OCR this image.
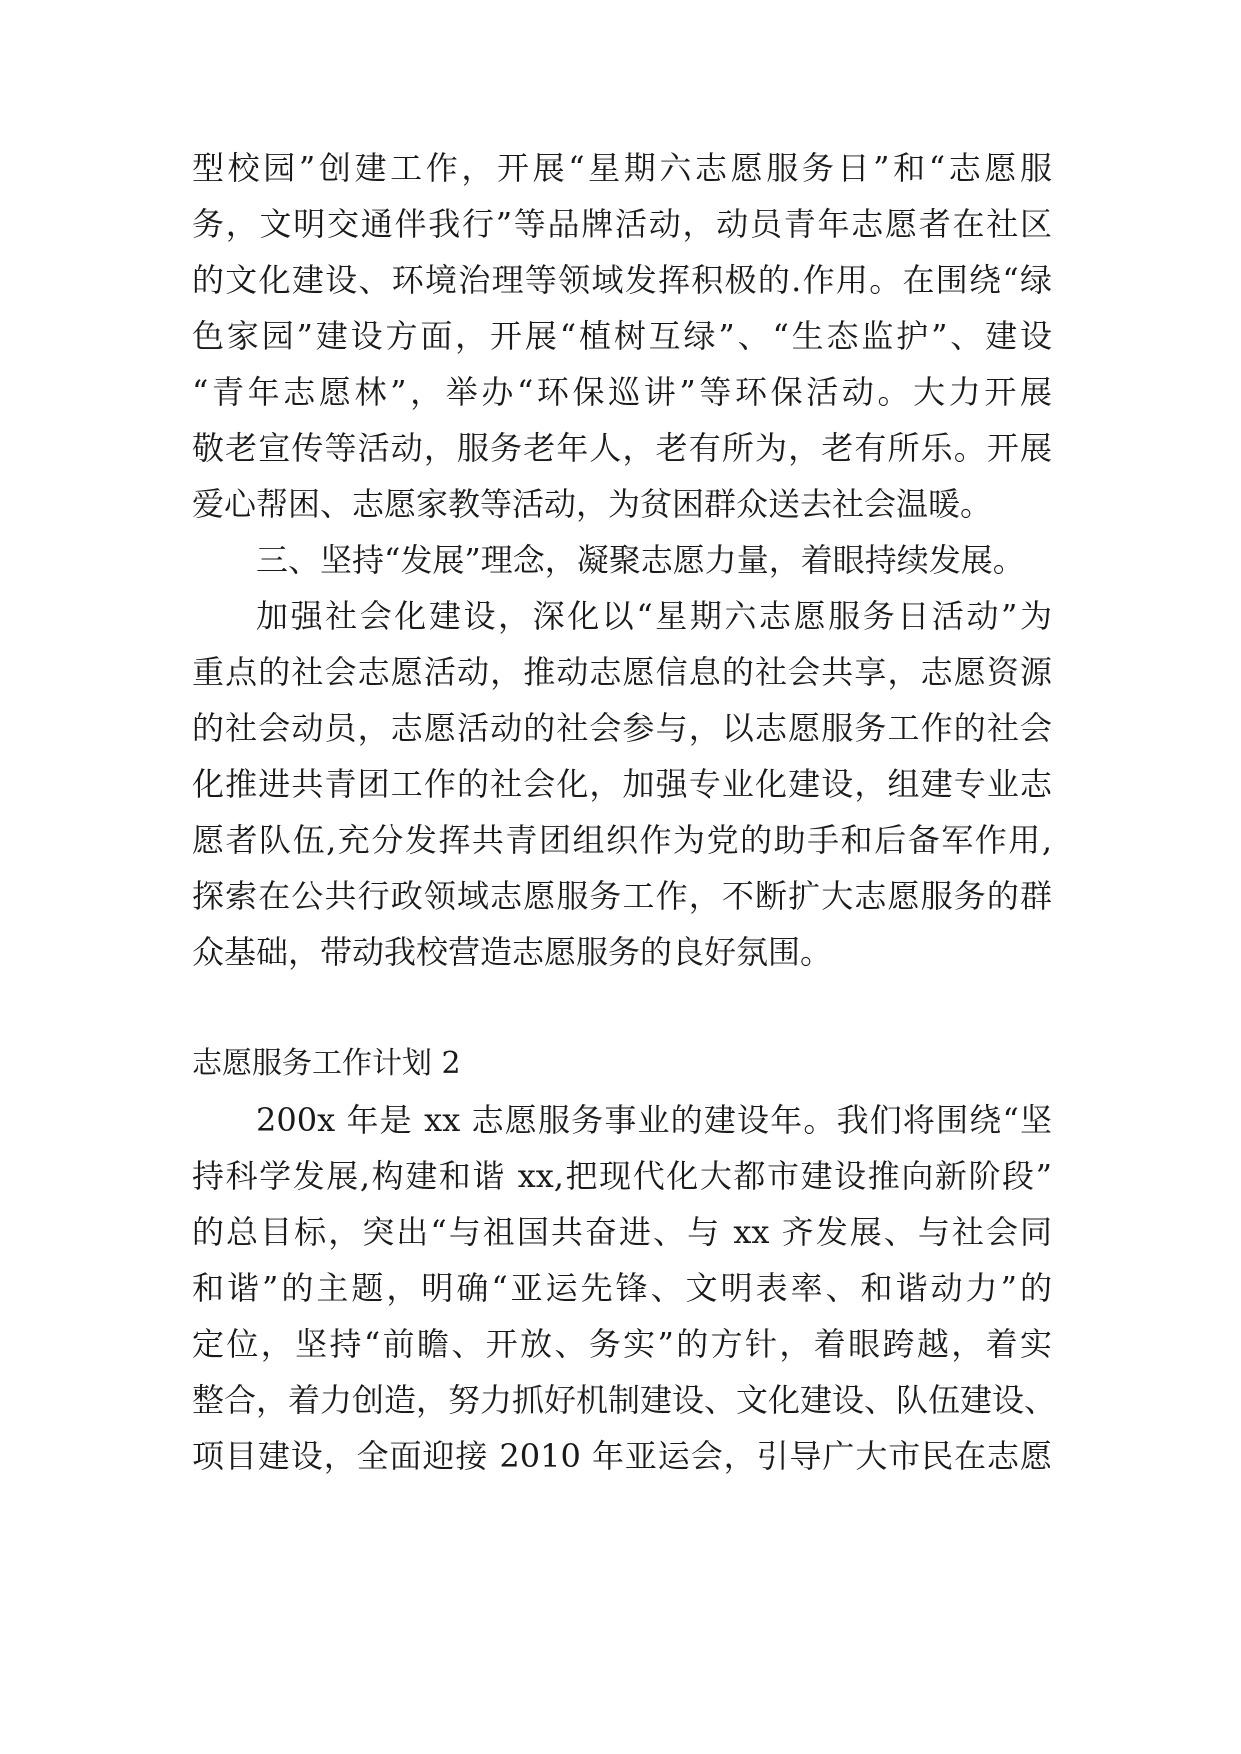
型校园”创建工作，开展“星期六志愿服务日”和“志愿服
务，文明交通伴我行”等品牌活动，动员青年志愿者在社区
的文化建设、环境治理等领域发挥积极的.作用。在围绕“绿
色家园”建设方面，开展“植树互绿”、“生态监护”、建设
“青年志愿林”，举办“环保巡讲”等环保活动。大力开展
敬老宣传等活动，服务老年人，老有所为，老有所乐。开展
爱心帮困、志愿家教等活动，为贫困群众送去社会温暖。
三、坚持“发展”理念，凝聚志愿力量，着眼持续发展。
加强社会化建设，深化以“星期六志愿服务日活动”为
重点的社会志愿活动，推动志愿信息的社会共享，志愿资源
的社会动员，志愿活动的社会参与，以志愿服务工作的社会
化推进共青团工作的社会化，加强专业化建设，组建专业志
愿者队伍,充分发挥共青团组织作为党的助手和后备军作用,
探索在公共行政领域志愿服务工作，不断扩大志愿服务的群
众基础，带动我校营造志愿服务的良好氛围。
志愿服务工作计划 2
200x 年是 xx 志愿服务事业的建设年。我们将围绕“坚
持科学发展,构建和谐 xx,把现代化大都市建设推向新阶段”
的总目标，突出“与祖国共奋进、与 xx 齐发展、与社会同
和谐”的主题，明确“亚运先锋、文明表率、和谐动力”的
定位，坚持“前瞻、开放、务实”的方针，着眼跨越，着实
整合，着力创造，努力抓好机制建设、文化建设、队伍建设、
项目建设，全面迎接 2010 年亚运会，引导广大市民在志愿
